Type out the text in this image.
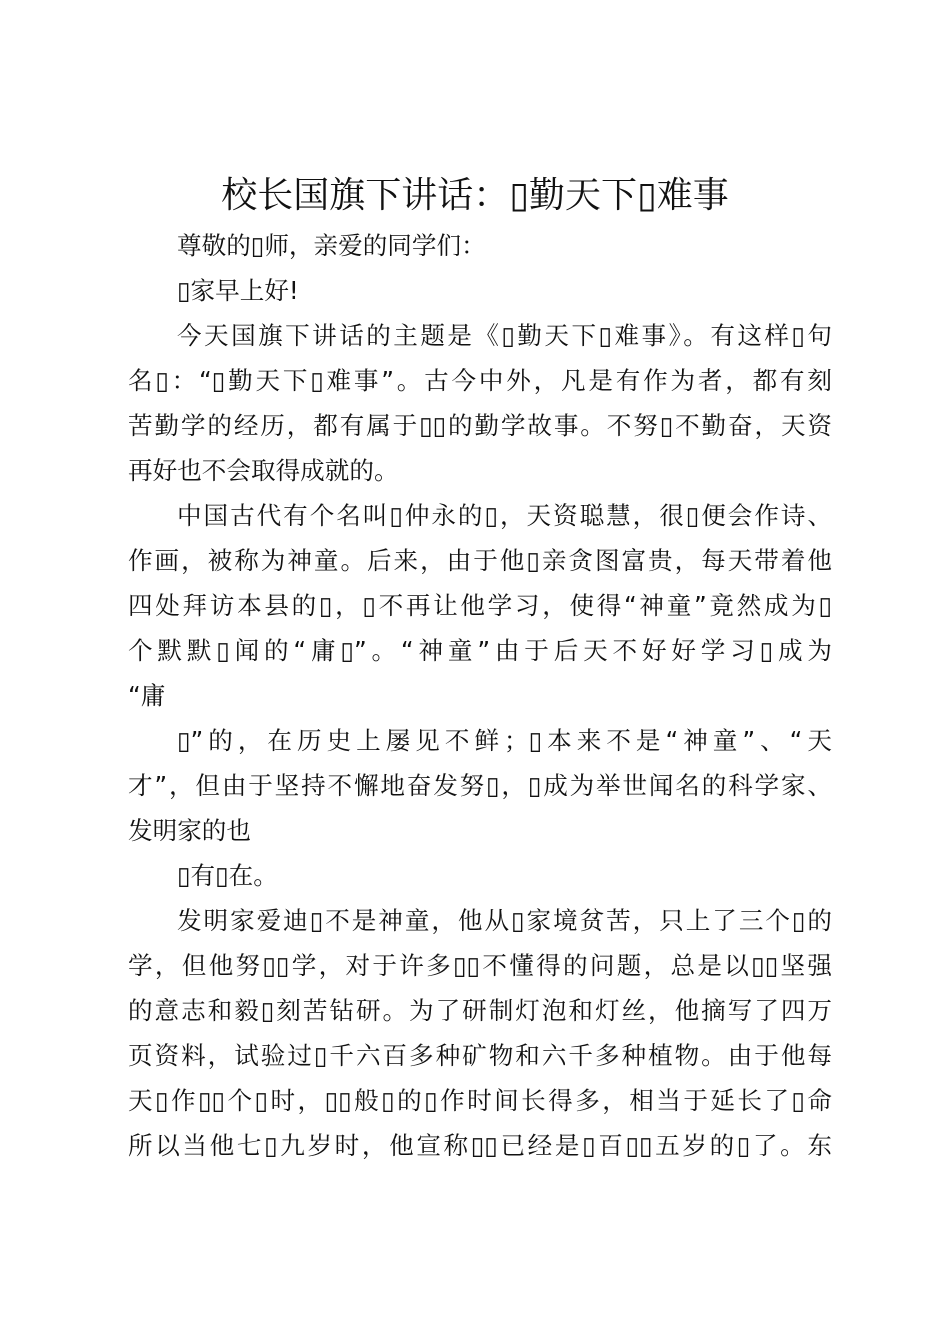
校长国旗下讲话：▯勤天下▯难事
尊敬的▯师，亲爱的同学们：
▯家早上好!
今天国旗下讲话的主题是《▯勤天下▯难事》。有这样▯句
名▯：“▯勤天下▯难事”。古今中外，凡是有作为者，都有刻
苦勤学的经历，都有属于▯▯的勤学故事。不努▯不勤奋，天资
再好也不会取得成就的。
中国古代有个名叫▯仲永的▯，天资聪慧，很▯便会作诗、
作画，被称为神童。后来，由于他▯亲贪图富贵，每天带着他
四处拜访本县的▯，▯不再让他学习，使得“神童”竟然成为▯
个默默▯闻的“庸▯”。“神童”由于后天不好好学习▯成为
“庸
▯”的，在历史上屡见不鲜；▯本来不是“神童”、“天
才”，但由于坚持不懈地奋发努▯，▯成为举世闻名的科学家、
发明家的也
▯有▯在。
发明家爱迪▯不是神童，他从▯家境贫苦，只上了三个▯的
学，但他努▯▯学，对于许多▯▯不懂得的问题，总是以▯▯坚强
的意志和毅▯刻苦钻研。为了研制灯泡和灯丝，他摘写了四万
页资料，试验过▯千六百多种矿物和六千多种植物。由于他每
天▯作▯▯个▯时，▯▯般▯的▯作时间长得多，相当于延长了▯命
所以当他七▯九岁时，他宣称▯▯已经是▯百▯▯五岁的▯了。东
